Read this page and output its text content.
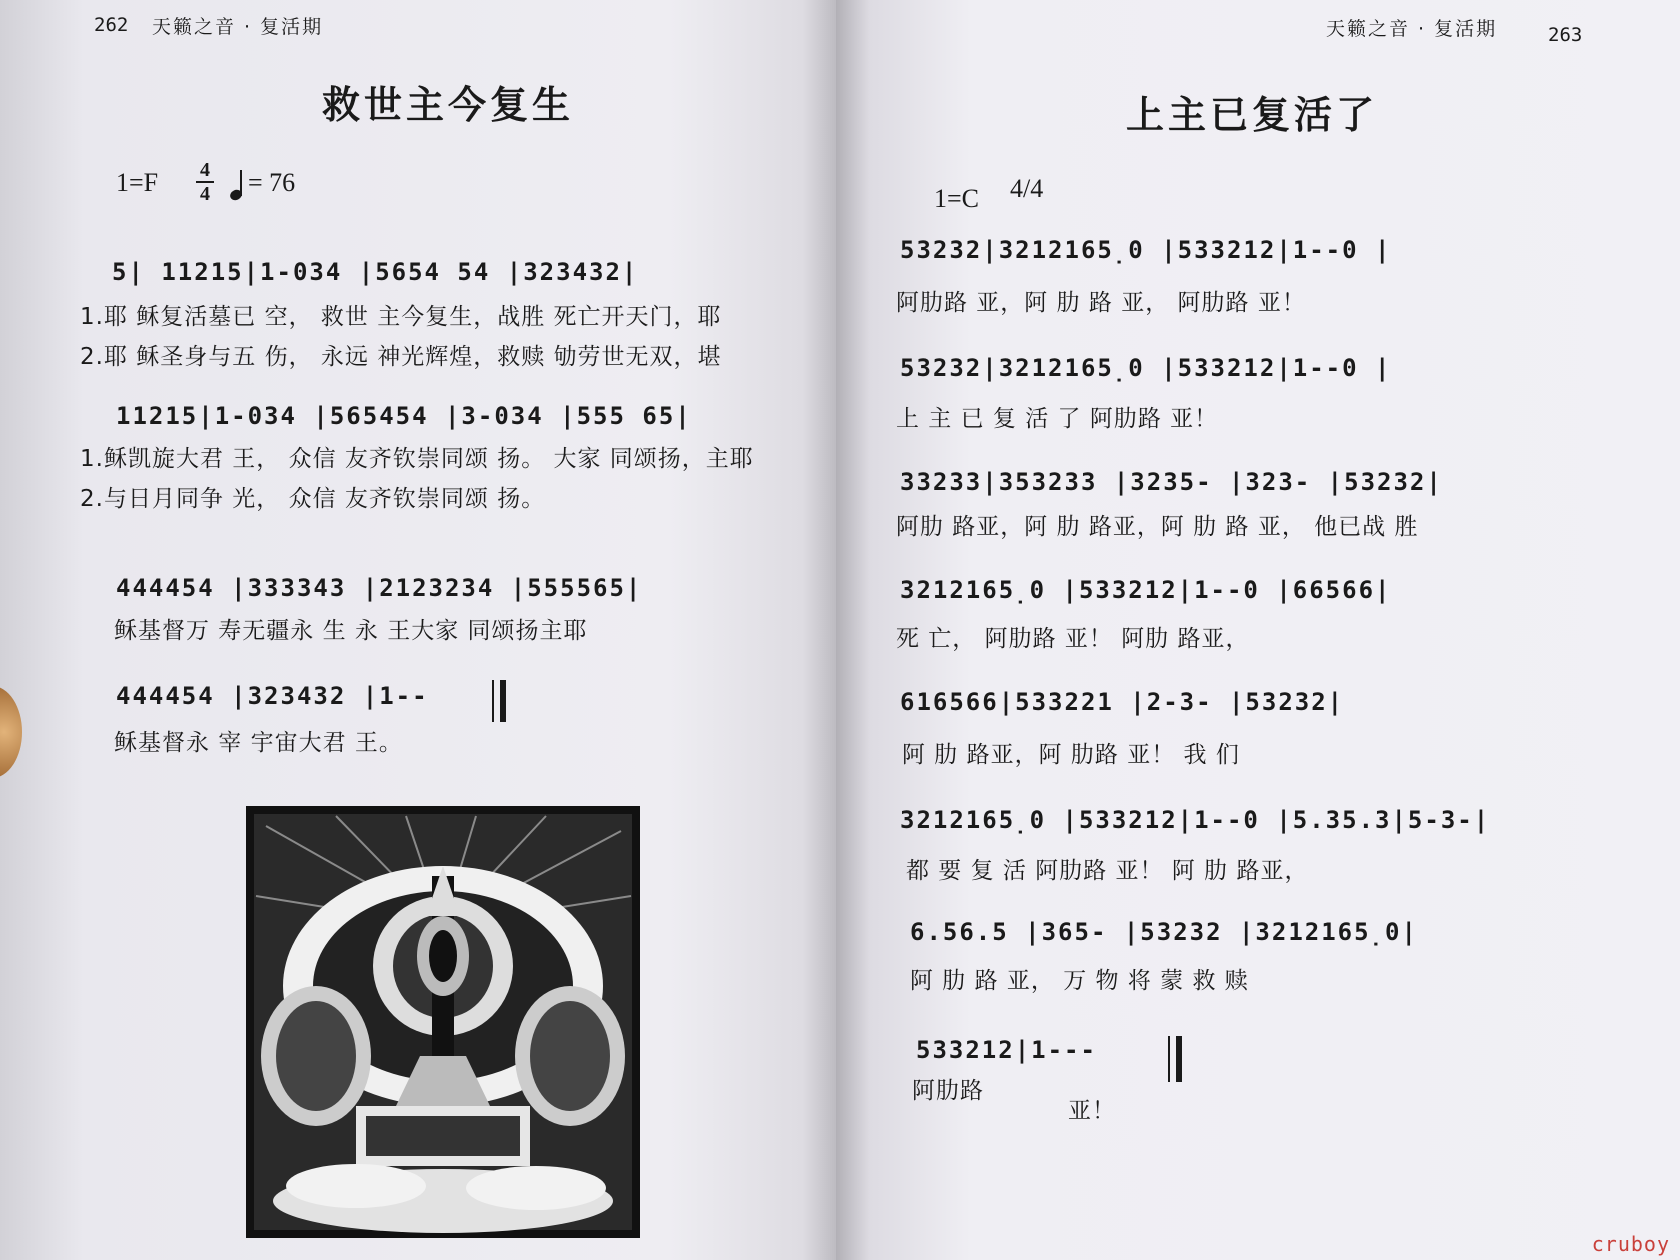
262 天籁之音 · 复活期
救世主今复生
1=F 4
4 = 76
5| 11215|1-034 |5654 54 |323432|
1.耶 稣复活墓已 空， 救世 主今复生，战胜 死亡开天门，耶
2.耶 稣圣身与五 伤， 永远 神光辉煌，救赎 劬劳世无双，堪
11215|1-034 |565454 |3-034 |555 65|
1.稣凯旋大君 王， 众信 友齐钦崇同颂 扬。 大家 同颂扬，主耶
2.与日月同争 光， 众信 友齐钦崇同颂 扬。
444454 |333343 |2123234 |555565|
稣基督万 寿无疆永 生 永 王大家 同颂扬主耶
444454 |323432 |1--
稣基督永 宰 宇宙大君 王。
天籁之音 · 复活期	263
上主已复活了
1=C 4/4
53232|3212165̣0 |533212|1--0 |
阿肋路 亚，阿 肋 路 亚， 阿肋路 亚！
53232|3212165̣0 |533212|1--0 |
上 主 已 复 活 了 阿肋路 亚！
33233|353233 |3235- |323- |53232|
阿肋 路亚，阿 肋 路亚，阿 肋 路 亚， 他已战 胜
3212165̣0 |533212|1--0 |66566|
死 亡， 阿肋路 亚！ 阿肋 路亚，
616566|533221 |2-3- |53232|
阿 肋 路亚，阿 肋路 亚！ 我 们
3212165̣0 |533212|1--0 |5.35.3|5-3-|
都 要 复 活 阿肋路 亚！ 阿 肋 路亚，
6.56.5 |365- |53232 |3212165̣0|
阿 肋 路 亚， 万 物 将 蒙 救 赎
533212|1---
阿肋路
亚！
cruboy
